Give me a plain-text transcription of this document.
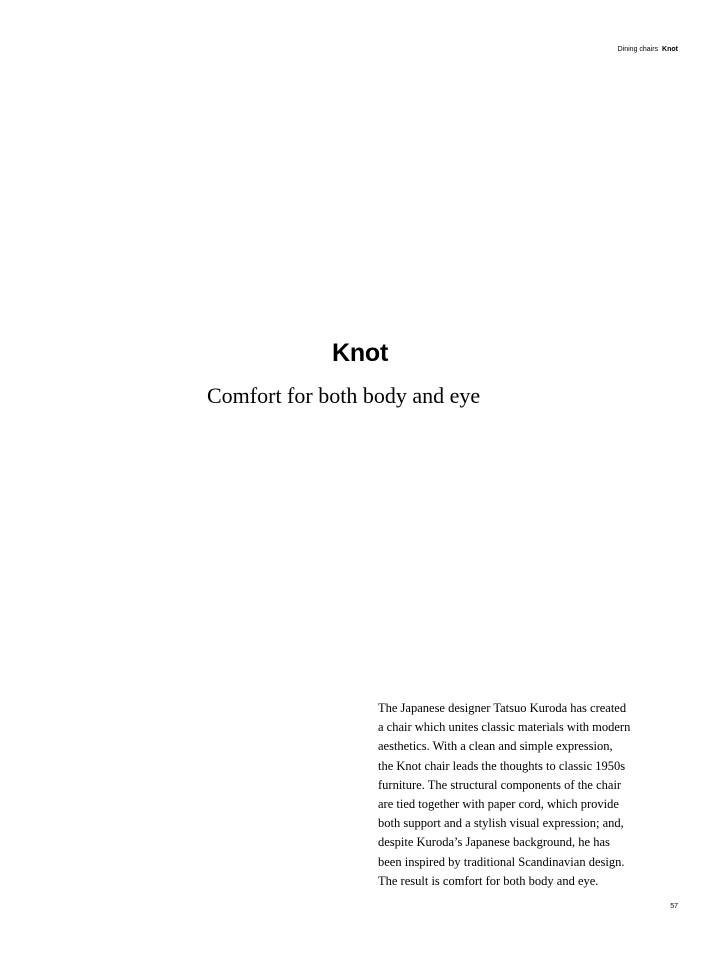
Dining chairs Knot
Knot
Comfort for both body and eye

The Japanese designer Tatsuo Kuroda has created
a chair which unites classic materials with modern
aesthetics. With a clean and simple expression,
the Knot chair leads the thoughts to classic 1950s
furniture. The structural components of the chair
are tied together with paper cord, which provide
both support and a stylish visual expression; and,
despite Kuroda’s Japanese background, he has
been inspired by traditional Scandinavian design.
The result is comfort for both body and eye.

57
